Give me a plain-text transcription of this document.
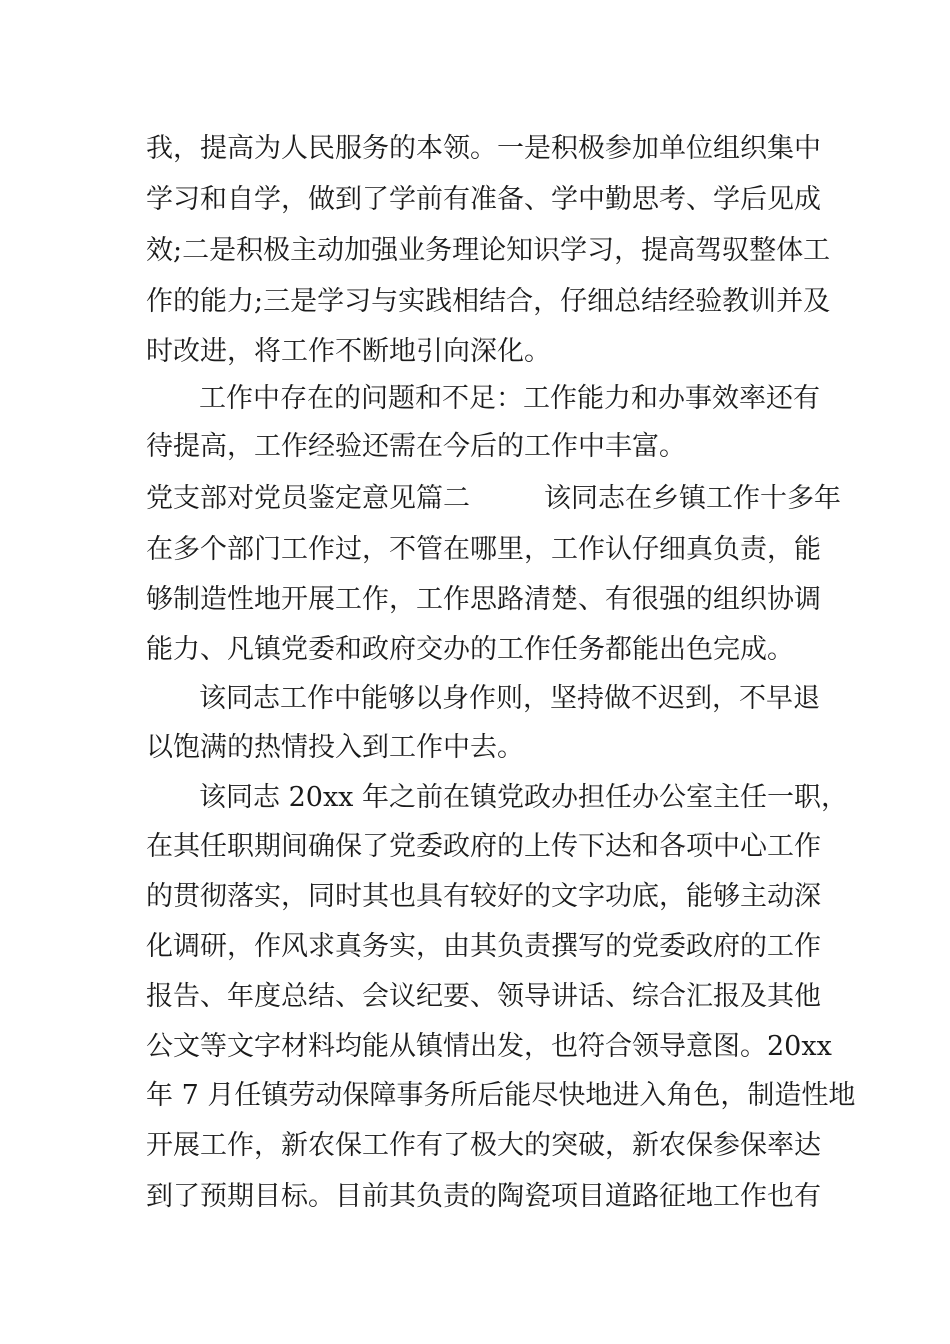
我，提高为人民服务的本领。一是积极参加单位组织集中
学习和自学，做到了学前有准备、学中勤思考、学后见成
效;二是积极主动加强业务理论知识学习，提高驾驭整体工
作的能力;三是学习与实践相结合，仔细总结经验教训并及
时改进，将工作不断地引向深化。
工作中存在的问题和不足：工作能力和办事效率还有
待提高，工作经验还需在今后的工作中丰富。
党支部对党员鉴定意见篇二	该同志在乡镇工作十多年
在多个部门工作过，不管在哪里，工作认仔细真负责，能
够制造性地开展工作，工作思路清楚、有很强的组织协调
能力、凡镇党委和政府交办的工作任务都能出色完成。
该同志工作中能够以身作则，坚持做不迟到，不早退
以饱满的热情投入到工作中去。
该同志 20xx 年之前在镇党政办担任办公室主任一职，
在其任职期间确保了党委政府的上传下达和各项中心工作
的贯彻落实，同时其也具有较好的文字功底，能够主动深
化调研，作风求真务实，由其负责撰写的党委政府的工作
报告、年度总结、会议纪要、领导讲话、综合汇报及其他
公文等文字材料均能从镇情出发，也符合领导意图。20xx
年 7 月任镇劳动保障事务所后能尽快地进入角色，制造性地
开展工作，新农保工作有了极大的突破，新农保参保率达
到了预期目标。目前其负责的陶瓷项目道路征地工作也有
